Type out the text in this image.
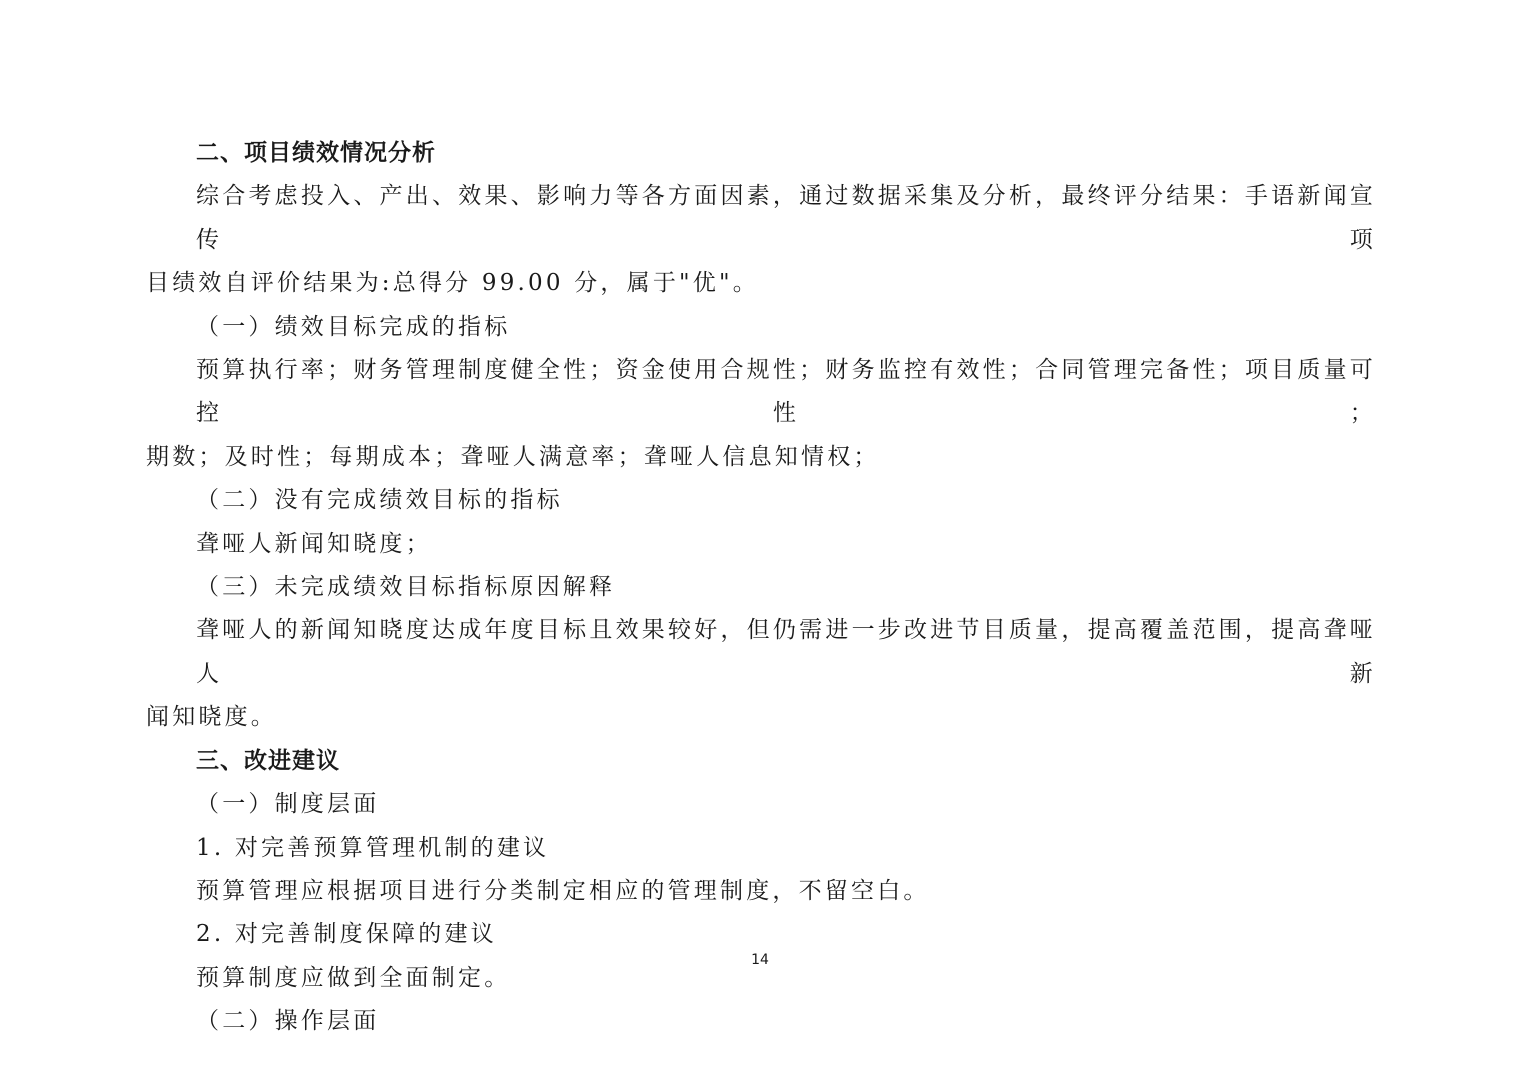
二、项目绩效情况分析

综合考虑投入、产出、效果、影响力等各方面因素，通过数据采集及分析，最终评分结果：手语新闻宣传项

目绩效自评价结果为:总得分 99.00 分，属于"优"。

（一）绩效目标完成的指标

预算执行率；财务管理制度健全性；资金使用合规性；财务监控有效性；合同管理完备性；项目质量可控性；

期数；及时性；每期成本；聋哑人满意率；聋哑人信息知情权；

（二）没有完成绩效目标的指标

聋哑人新闻知晓度；

（三）未完成绩效目标指标原因解释

聋哑人的新闻知晓度达成年度目标且效果较好，但仍需进一步改进节目质量，提高覆盖范围，提高聋哑人新

闻知晓度。

三、改进建议

（一）制度层面

1. 对完善预算管理机制的建议

预算管理应根据项目进行分类制定相应的管理制度，不留空白。

2. 对完善制度保障的建议

预算制度应做到全面制定。

（二）操作层面

14
